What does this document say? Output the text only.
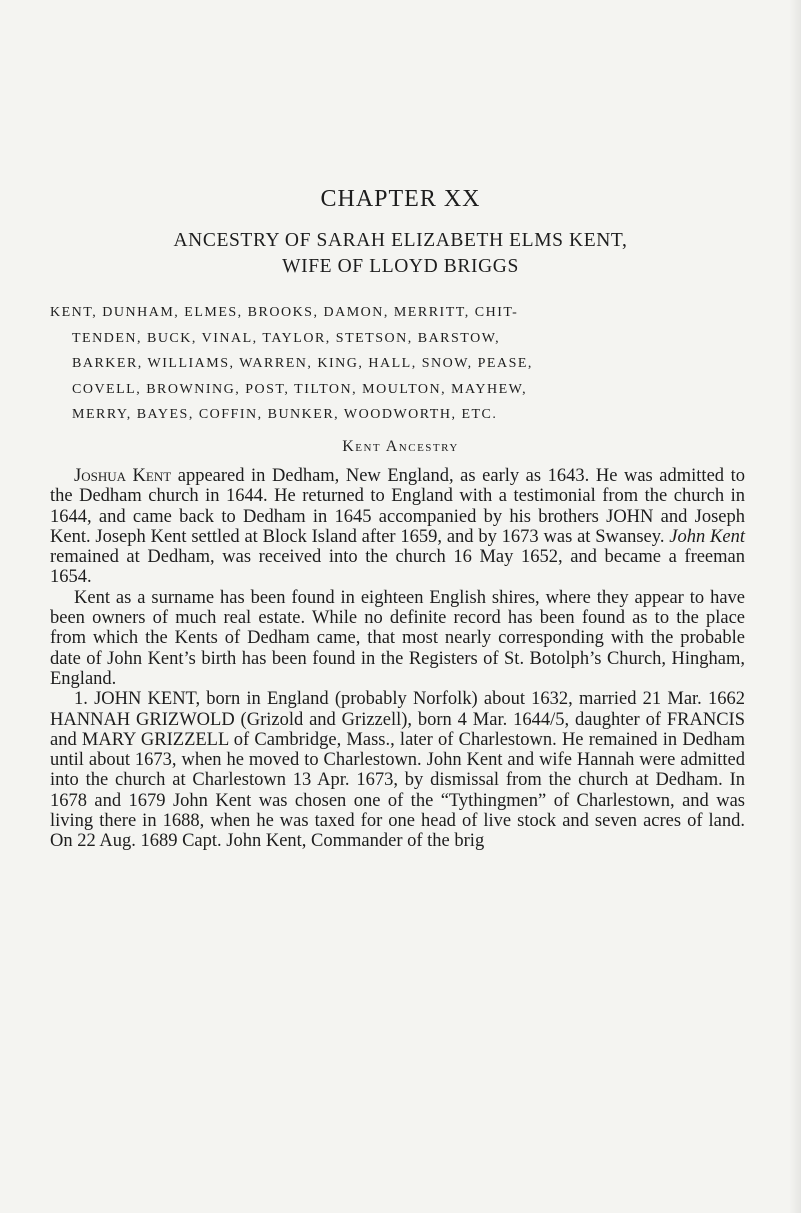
CHAPTER XX
ANCESTRY OF SARAH ELIZABETH ELMS KENT,
WIFE OF LLOYD BRIGGS
KENT, DUNHAM, ELMES, BROOKS, DAMON, MERRITT, CHIT-
TENDEN, BUCK, VINAL, TAYLOR, STETSON, BARSTOW,
BARKER, WILLIAMS, WARREN, KING, HALL, SNOW, PEASE,
COVELL, BROWNING, POST, TILTON, MOULTON, MAYHEW,
MERRY, BAYES, COFFIN, BUNKER, WOODWORTH, ETC.
Kent Ancestry

Joshua Kent appeared in Dedham, New England, as early as 1643. He was admitted to the Dedham church in 1644. He returned to England with a testimonial from the church in 1644, and came back to Dedham in 1645 accompanied by his brothers JOHN and Joseph Kent. Joseph Kent settled at Block Island after 1659, and by 1673 was at Swansey. John Kent remained at Dedham, was received into the church 16 May 1652, and became a freeman 1654.

Kent as a surname has been found in eighteen English shires, where they appear to have been owners of much real estate. While no definite record has been found as to the place from which the Kents of Dedham came, that most nearly corresponding with the probable date of John Kent’s birth has been found in the Registers of St. Botolph’s Church, Hingham, England.

1. JOHN KENT, born in England (probably Norfolk) about 1632, married 21 Mar. 1662 HANNAH GRIZWOLD (Grizold and Grizzell), born 4 Mar. 1644/5, daughter of FRANCIS and MARY GRIZZELL of Cambridge, Mass., later of Charlestown. He remained in Dedham until about 1673, when he moved to Charlestown. John Kent and wife Hannah were admitted into the church at Charlestown 13 Apr. 1673, by dismissal from the church at Dedham. In 1678 and 1679 John Kent was chosen one of the “Tythingmen” of Charlestown, and was living there in 1688, when he was taxed for one head of live stock and seven acres of land. On 22 Aug. 1689 Capt. John Kent, Commander of the brig
